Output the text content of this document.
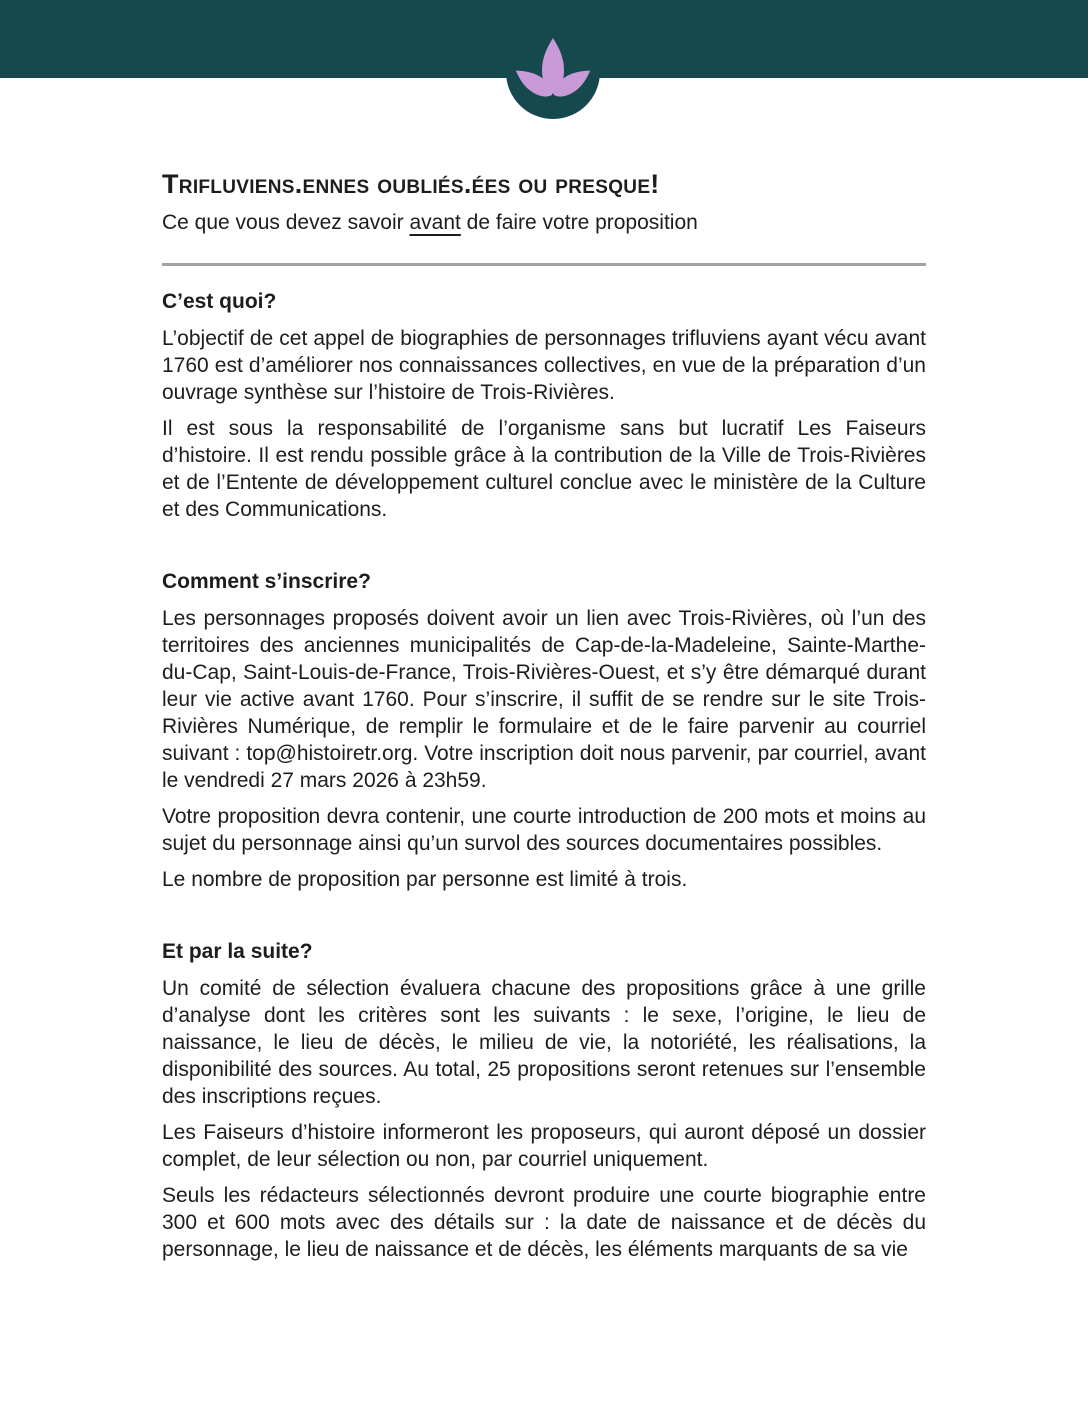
Trifluviens.ennes oubliés.ées ou presque!

Ce que vous devez savoir avant de faire votre proposition

C’est quoi?

L’objectif de cet appel de biographies de personnages trifluviens ayant vécu avant 1760 est d’améliorer nos connaissances collectives, en vue de la préparation d’un ouvrage synthèse sur l’histoire de Trois-Rivières.

Il est sous la responsabilité de l’organisme sans but lucratif Les Faiseurs d’histoire. Il est rendu possible grâce à la contribution de la Ville de Trois-Rivières et de l’Entente de développement culturel conclue avec le ministère de la Culture et des Communications.

Comment s’inscrire?

Les personnages proposés doivent avoir un lien avec Trois-Rivières, où l’un des territoires des anciennes municipalités de Cap-de-la-Madeleine, Sainte-Marthe-du-Cap, Saint-Louis-de-France, Trois-Rivières-Ouest, et s’y être démarqué durant leur vie active avant 1760. Pour s’inscrire, il suffit de se rendre sur le site Trois-Rivières Numérique, de remplir le formulaire et de le faire parvenir au courriel suivant : top@histoiretr.org. Votre inscription doit nous parvenir, par courriel, avant le vendredi 27 mars 2026 à 23h59.

Votre proposition devra contenir, une courte introduction de 200 mots et moins au sujet du personnage ainsi qu’un survol des sources documentaires possibles.

Le nombre de proposition par personne est limité à trois.

Et par la suite?

Un comité de sélection évaluera chacune des propositions grâce à une grille d’analyse dont les critères sont les suivants : le sexe, l’origine, le lieu de naissance, le lieu de décès, le milieu de vie, la notoriété, les réalisations, la disponibilité des sources. Au total, 25 propositions seront retenues sur l’ensemble des inscriptions reçues.

Les Faiseurs d’histoire informeront les proposeurs, qui auront déposé un dossier complet, de leur sélection ou non, par courriel uniquement.

Seuls les rédacteurs sélectionnés devront produire une courte biographie entre 300 et 600 mots avec des détails sur : la date de naissance et de décès du personnage, le lieu de naissance et de décès, les éléments marquants de sa vie
